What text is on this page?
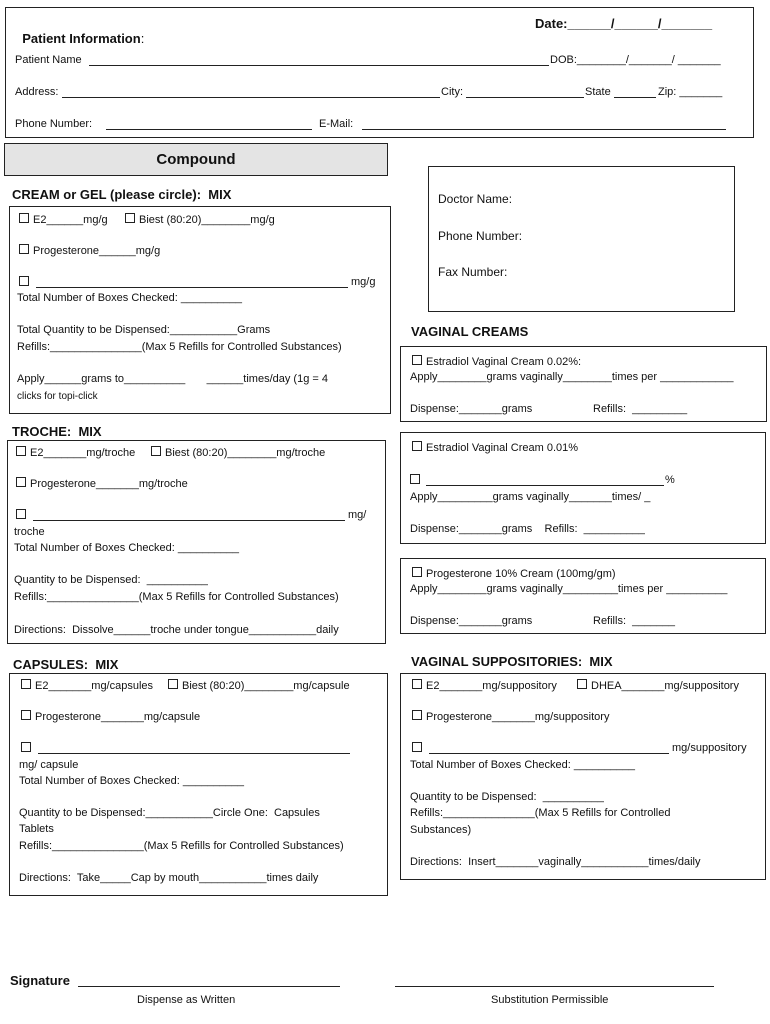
Patient Information:

Date:______/______/_______
Patient Name	DOB:________/_______/ _______
Address:	City:	State	Zip: _______
Phone Number:	E-Mail:
Compound
Doctor Name:
Phone Number:
Fax Number:
CREAM or GEL (please circle):  MIX
E2______mg/g	Biest (80:20)________mg/g
Progesterone______mg/g
mg/g
Total Number of Boxes Checked: __________
Total Quantity to be Dispensed:___________Grams
Refills:_______________(Max 5 Refills for Controlled Substances)
Apply______grams to__________       ______times/day (1g = 4
clicks for topi-click
TROCHE:  MIX
E2_______mg/troche	Biest (80:20)________mg/troche
Progesterone_______mg/troche
mg/
troche
Total Number of Boxes Checked: __________
Quantity to be Dispensed:  __________
Refills:_______________(Max 5 Refills for Controlled Substances)
Directions:  Dissolve______troche under tongue___________daily
CAPSULES:  MIX
E2_______mg/capsules	Biest (80:20)________mg/capsule
Progesterone_______mg/capsule
mg/ capsule
Total Number of Boxes Checked: __________
Quantity to be Dispensed:___________Circle One:  Capsules
Tablets
Refills:_______________(Max 5 Refills for Controlled Substances)
Directions:  Take_____Cap by mouth___________times daily
VAGINAL CREAMS
Estradiol Vaginal Cream 0.02%:
Apply________grams vaginally________times per ____________
Dispense:_______grams	Refills:  _________
Estradiol Vaginal Cream 0.01%
%
Apply_________grams vaginally_______times/ _
Dispense:_______grams    Refills:  __________
Progesterone 10% Cream (100mg/gm)
Apply________grams vaginally_________times per __________
Dispense:_______grams	Refills:  _______
VAGINAL SUPPOSITORIES:  MIX
E2_______mg/suppository	DHEA_______mg/suppository
Progesterone_______mg/suppository
mg/suppository
Total Number of Boxes Checked: __________
Quantity to be Dispensed:  __________
Refills:_______________(Max 5 Refills for Controlled
Substances)
Directions:  Insert_______vaginally___________times/daily
Signature
Dispense as Written	Substitution Permissible
